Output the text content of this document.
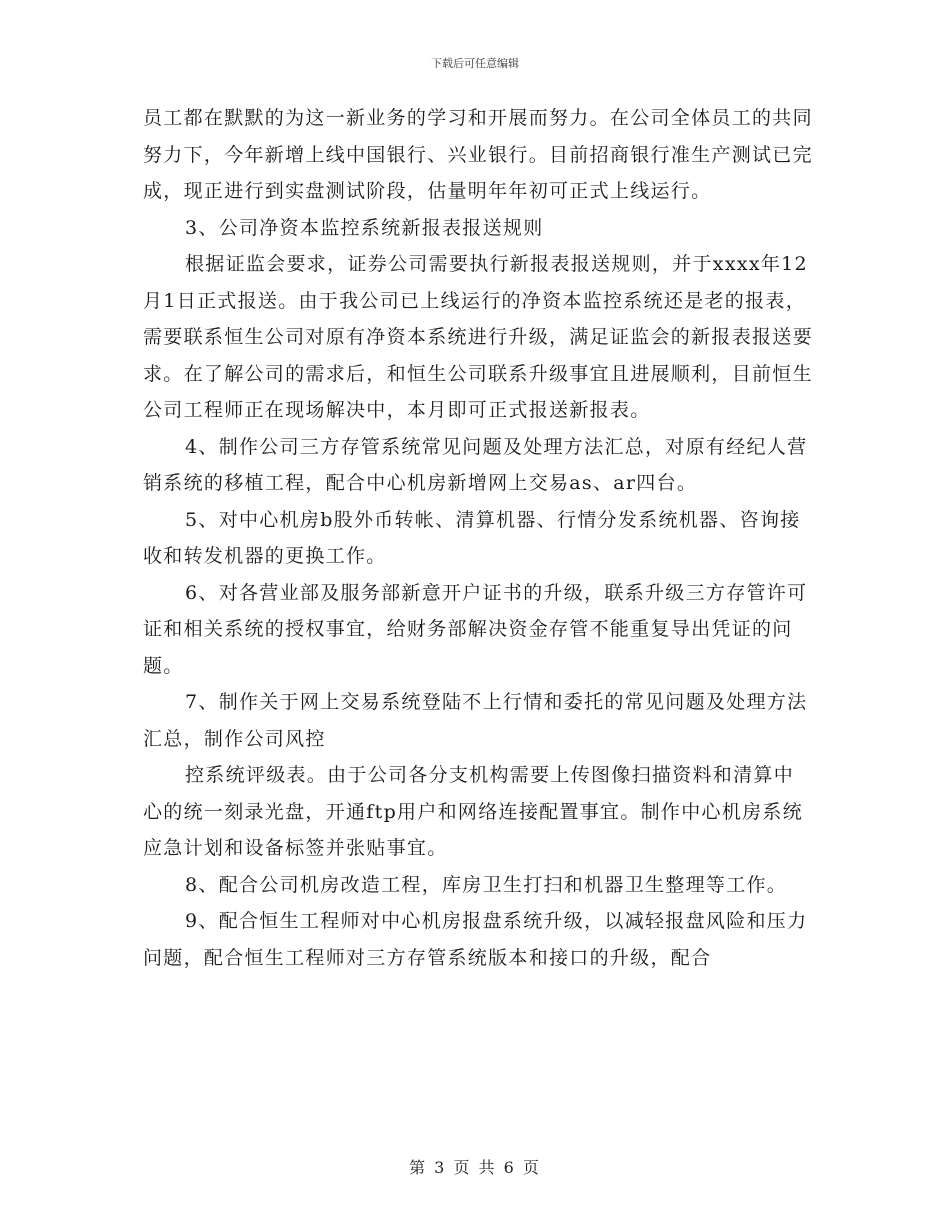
下载后可任意编辑

员工都在默默的为这一新业务的学习和开展而努力。在公司全体员工的共同努力下，今年新增上线中国银行、兴业银行。目前招商银行准生产测试已完成，现正进行到实盘测试阶段，估量明年年初可正式上线运行。

3、公司净资本监控系统新报表报送规则

根据证监会要求，证券公司需要执行新报表报送规则，并于xxxx年12月1日正式报送。由于我公司已上线运行的净资本监控系统还是老的报表，需要联系恒生公司对原有净资本系统进行升级，满足证监会的新报表报送要求。在了解公司的需求后，和恒生公司联系升级事宜且进展顺利，目前恒生公司工程师正在现场解决中，本月即可正式报送新报表。

4、制作公司三方存管系统常见问题及处理方法汇总，对原有经纪人营销系统的移植工程，配合中心机房新增网上交易as、ar四台。

5、对中心机房b股外币转帐、清算机器、行情分发系统机器、咨询接收和转发机器的更换工作。

6、对各营业部及服务部新意开户证书的升级，联系升级三方存管许可证和相关系统的授权事宜，给财务部解决资金存管不能重复导出凭证的问题。

7、制作关于网上交易系统登陆不上行情和委托的常见问题及处理方法汇总，制作公司风控

控系统评级表。由于公司各分支机构需要上传图像扫描资料和清算中心的统一刻录光盘，开通ftp用户和网络连接配置事宜。制作中心机房系统应急计划和设备标签并张贴事宜。

8、配合公司机房改造工程，库房卫生打扫和机器卫生整理等工作。

9、配合恒生工程师对中心机房报盘系统升级，以减轻报盘风险和压力问题，配合恒生工程师对三方存管系统版本和接口的升级，配合

第 3 页 共 6 页
